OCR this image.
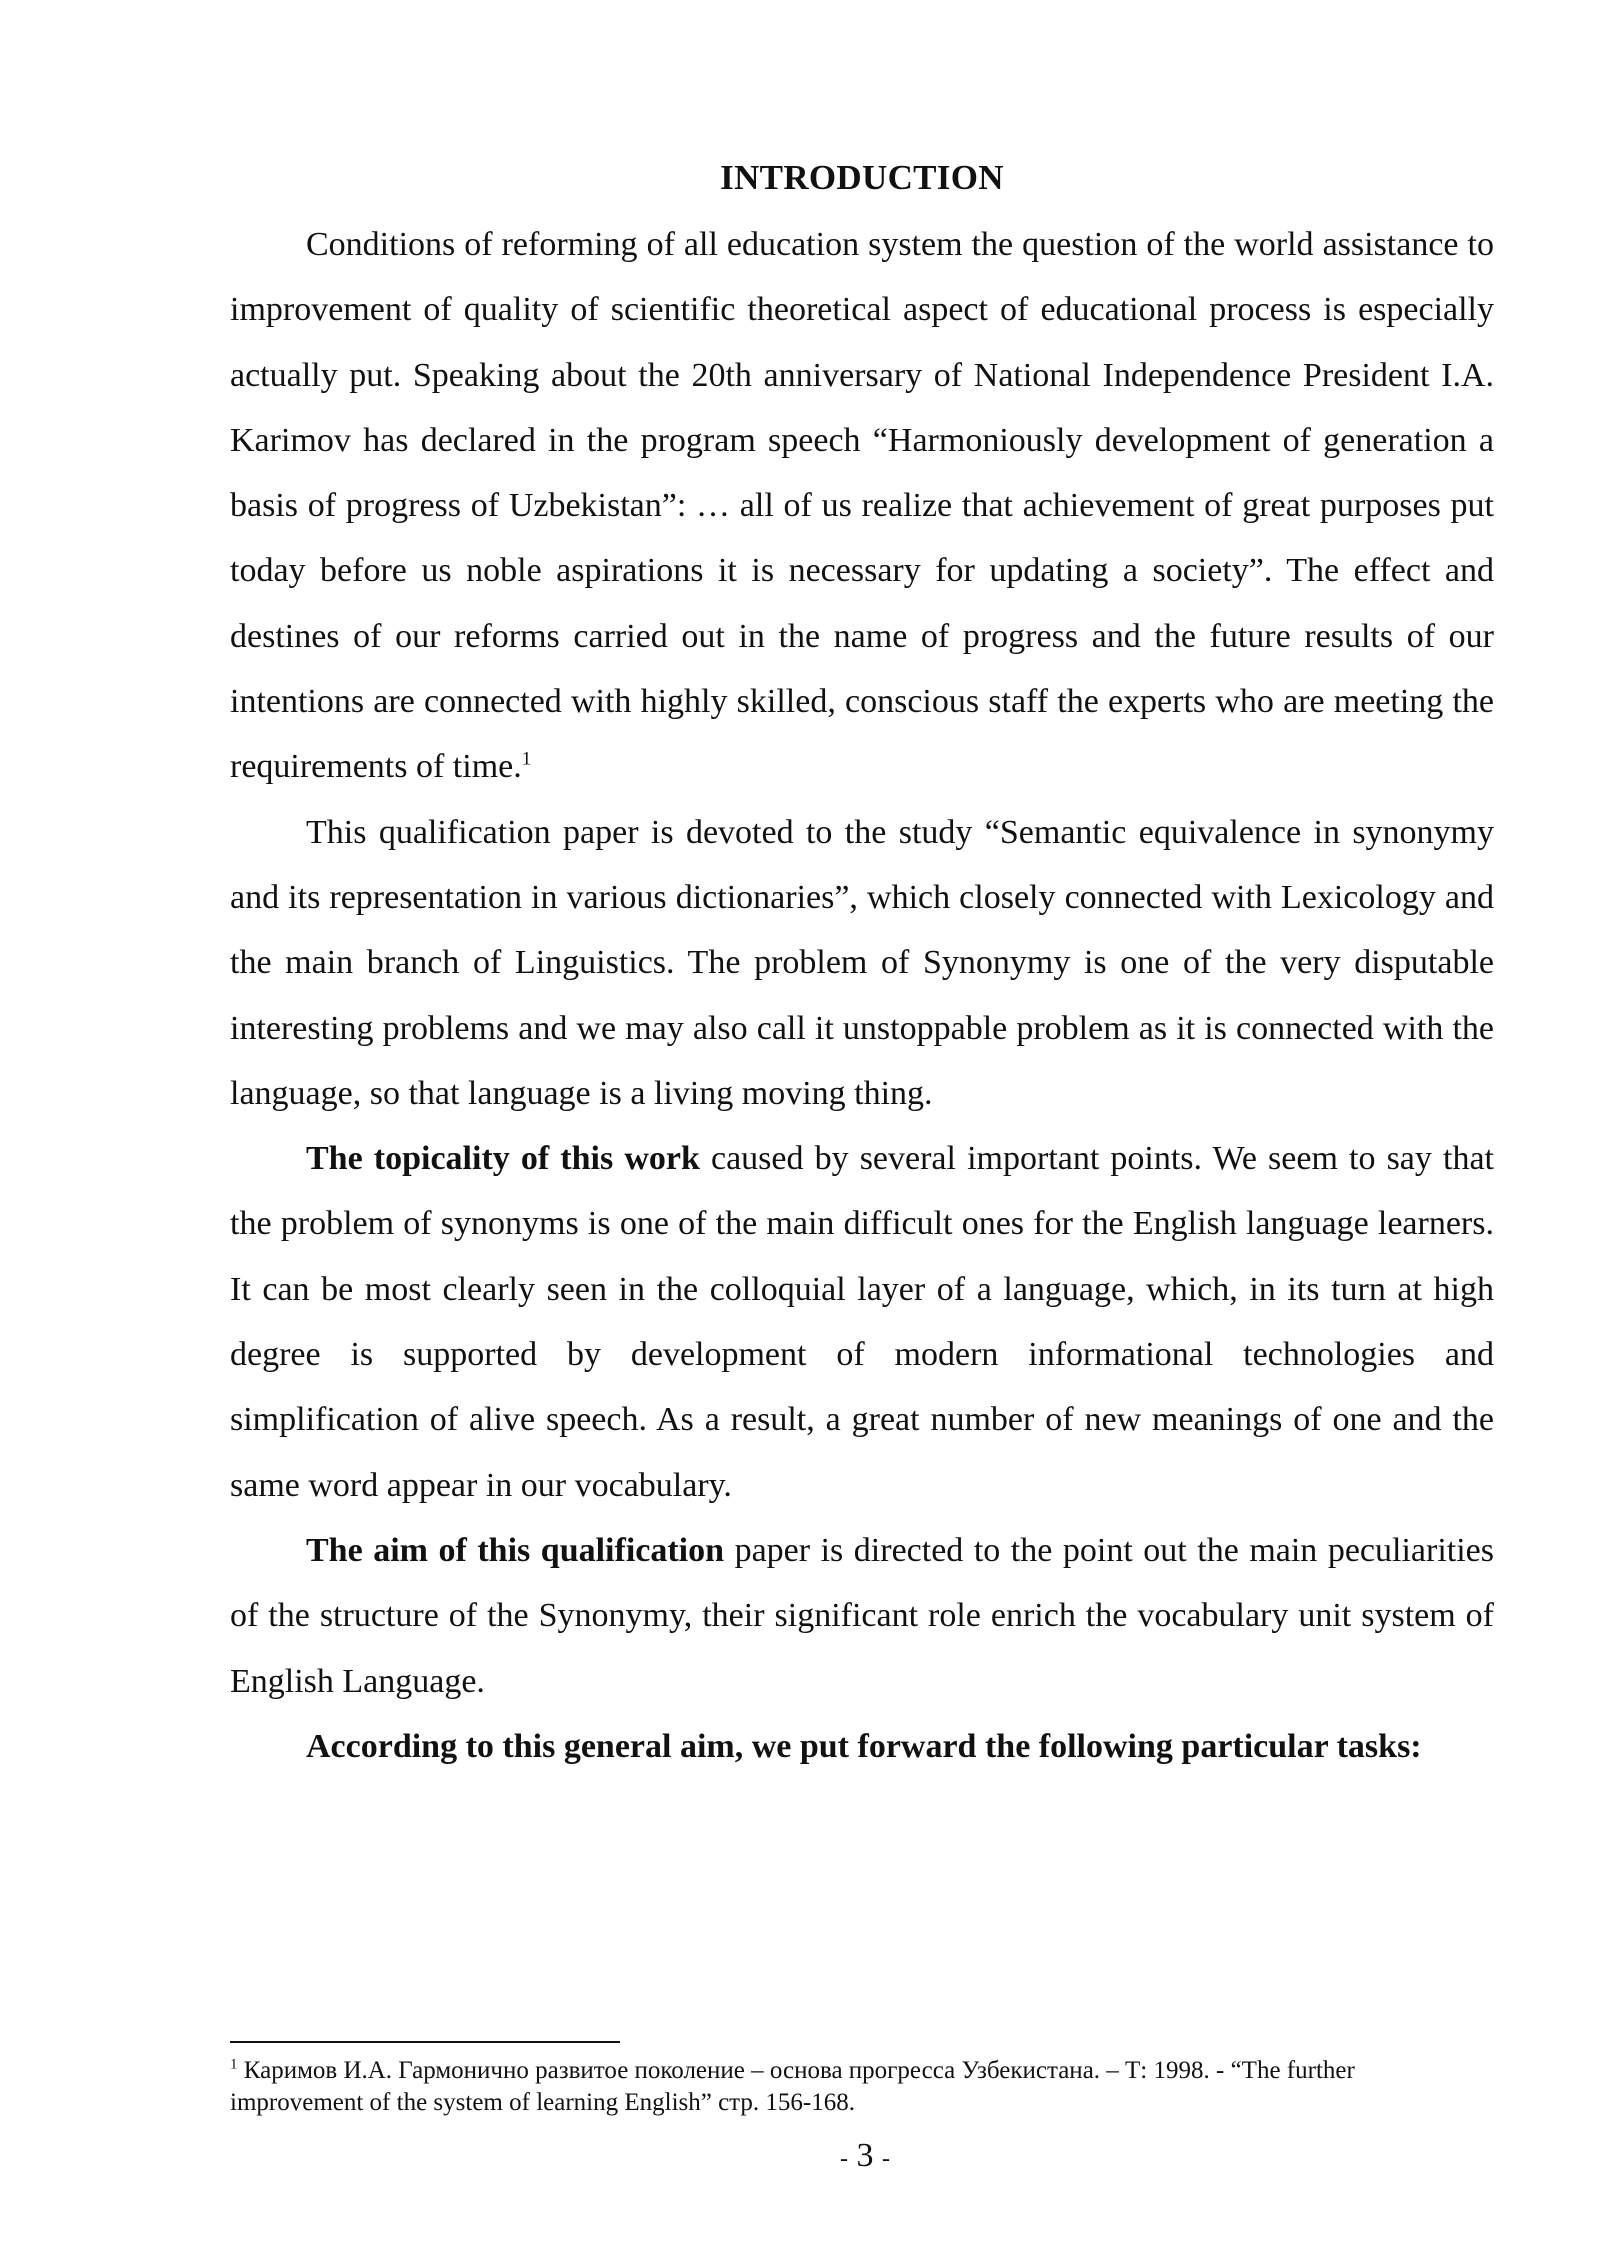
INTRODUCTION

Conditions of reforming of all education system the question of the world assistance to improvement of quality of scientific theoretical aspect of educational process is especially actually put. Speaking about the 20th anniversary of National Independence President I.A. Karimov has declared in the program speech “Harmoniously development of generation a basis of progress of Uzbekistan”: … all of us realize that achievement of great purposes put today before us noble aspirations it is necessary for updating a society”. The effect and destines of our reforms carried out in the name of progress and the future results of our intentions are connected with highly skilled, conscious staff the experts who are meeting the requirements of time.$^1$

This qualification paper is devoted to the study “Semantic equivalence in synonymy and its representation in various dictionaries”, which closely connected with Lexicology and the main branch of Linguistics. The problem of Synonymy is one of the very disputable interesting problems and we may also call it unstoppable problem as it is connected with the language, so that language is a living moving thing.

The topicality of this work caused by several important points. We seem to say that the problem of synonyms is one of the main difficult ones for the English language learners. It can be most clearly seen in the colloquial layer of a language, which, in its turn at high degree is supported by development of modern informational technologies and simplification of alive speech. As a result, a great number of new meanings of one and the same word appear in our vocabulary.

The aim of this qualification paper is directed to the point out the main peculiarities of the structure of the Synonymy, their significant role enrich the vocabulary unit system of English Language.

According to this general aim, we put forward the following particular tasks:

$^1$ Каримов И.А. Гармонично развитое поколение – основа прогресса Узбекистана. – Т: 1998. - “The further improvement of the system of learning English” стр. 156-168.

- 3 -
